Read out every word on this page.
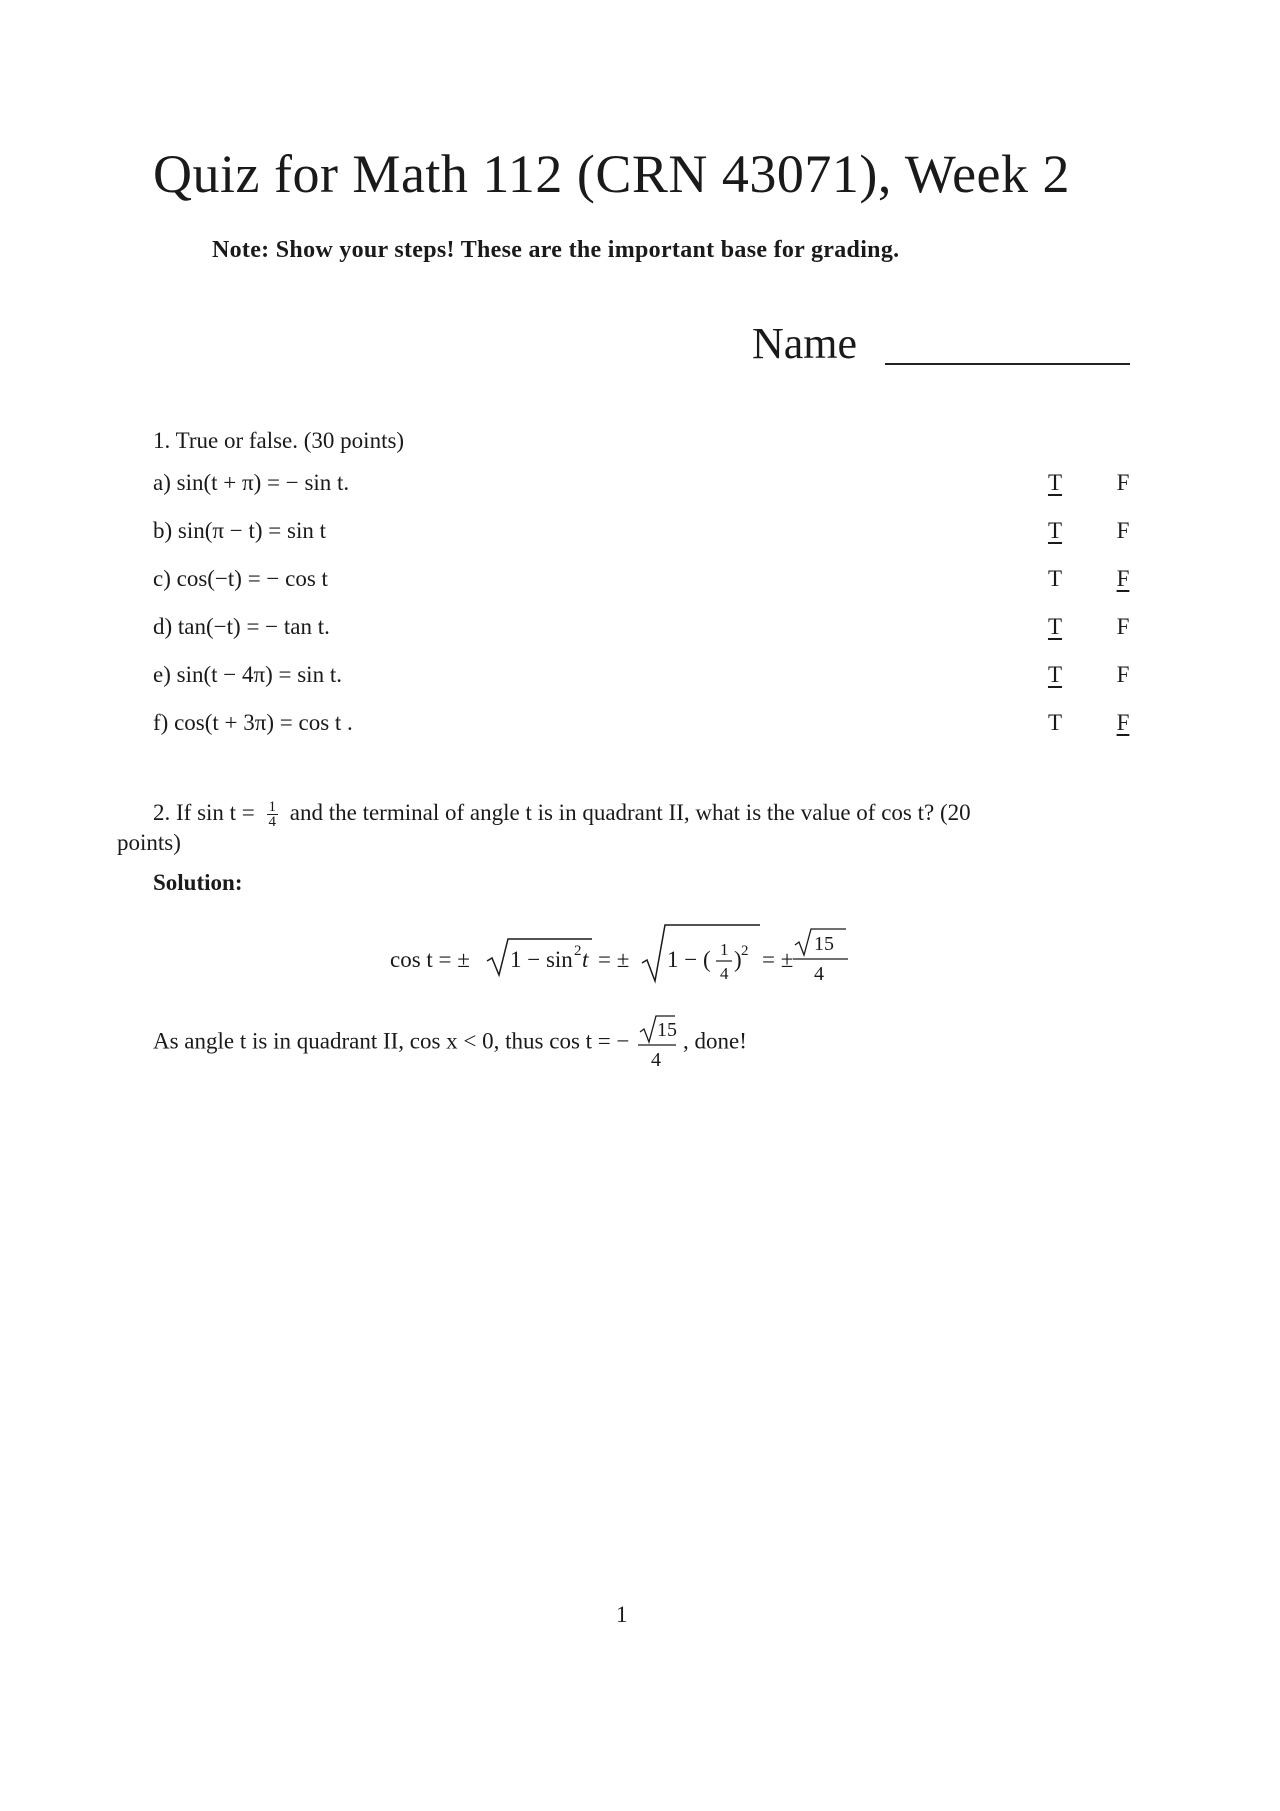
Quiz for Math 112 (CRN 43071), Week 2
Note: Show your steps! These are the important base for grading.
Name
1. True or false. (30 points)
a) sin(t + π) = − sin t.	T	F
b) sin(π − t) = sin t	T	F
c) cos(−t) = − cos t	T	F
d) tan(−t) = − tan t.	T	F
e) sin(t − 4π) = sin t.	T	F
f) cos(t + 3π) = cos t .	T	F
2. If $\sin t = \frac{1}{4}$ and the terminal of angle t is in quadrant II, what is the value of cos t? (20
points)
Solution:
cos t = ± 1 − sin 2 t = ± 1 − ( 1
4
) 2 = ±
15
4
As angle t is in quadrant II, cos x < 0, thus cos t = − 15
4
, done!
1
